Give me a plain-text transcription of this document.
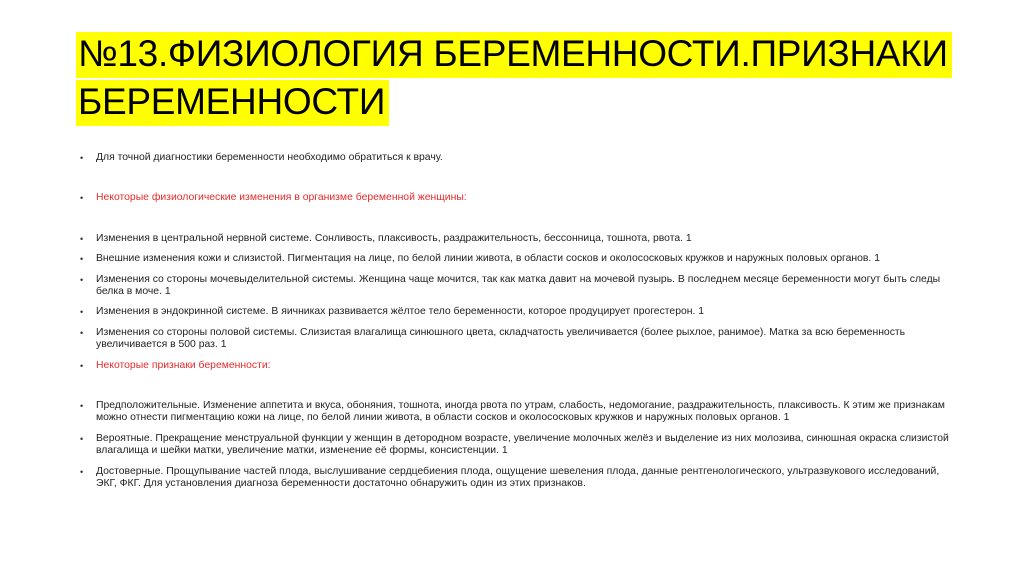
№13.ФИЗИОЛОГИЯ БЕРЕМЕННОСТИ.ПРИЗНАКИ
БЕРЕМЕННОСТИ
• Для точной диагностики беременности необходимо обратиться к врачу.
• Некоторые физиологические изменения в организме беременной женщины:
• Изменения в центральной нервной системе. Сонливость, плаксивость, раздражительность, бессонница, тошнота, рвота. 1
• Внешние изменения кожи и слизистой. Пигментация на лице, по белой линии живота, в области сосков и околососковых кружков и наружных половых органов. 1
• Изменения со стороны мочевыделительной системы. Женщина чаще мочится, так как матка давит на мочевой пузырь. В последнем месяце беременности могут быть следы белка в моче. 1
• Изменения в эндокринной системе. В яичниках развивается жёлтое тело беременности, которое продуцирует прогестерон. 1
• Изменения со стороны половой системы. Слизистая влагалища синюшного цвета, складчатость увеличивается (более рыхлое, ранимое). Матка за всю беременность увеличивается в 500 раз. 1
• Некоторые признаки беременности:
• Предположительные. Изменение аппетита и вкуса, обоняния, тошнота, иногда рвота по утрам, слабость, недомогание, раздражительность, плаксивость. К этим же признакам можно отнести пигментацию кожи на лице, по белой линии живота, в области сосков и околососковых кружков и наружных половых органов. 1
• Вероятные. Прекращение менструальной функции у женщин в детородном возрасте, увеличение молочных желёз и выделение из них молозива, синюшная окраска слизистой влагалища и шейки матки, увеличение матки, изменение её формы, консистенции. 1
• Достоверные. Прощупывание частей плода, выслушивание сердцебиения плода, ощущение шевеления плода, данные рентгенологического, ультразвукового исследований, ЭКГ, ФКГ. Для установления диагноза беременности достаточно обнаружить один из этих признаков.
